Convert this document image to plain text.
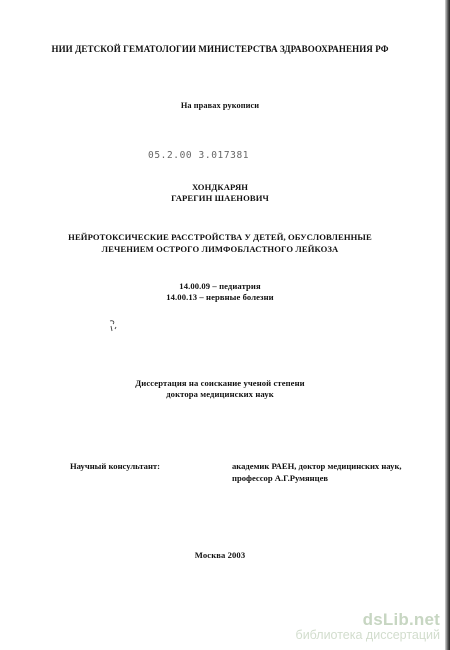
НИИ ДЕТСКОЙ ГЕМАТОЛОГИИ МИНИСТЕРСТВА ЗДРАВООХРАНЕНИЯ РФ
На правах рукописи
05.2.00 3.017381
ХОНДКАРЯН
ГАРЕГИН ШАЕНОВИЧ
НЕЙРОТОКСИЧЕСКИЕ РАССТРОЙСТВА У ДЕТЕЙ, ОБУСЛОВЛЕННЫЕ
ЛЕЧЕНИЕМ ОСТРОГО ЛИМФОБЛАСТНОГО ЛЕЙКОЗА
14.00.09 – педиатрия
14.00.13 – нервные болезни
Диссертация на соискание ученой степени
доктора медицинских наук
Научный консультант:	академик РАЕН, доктор медицинских наук,
профессор А.Г.Румянцев
Москва 2003
dsLib.net
библиотека диссертаций
